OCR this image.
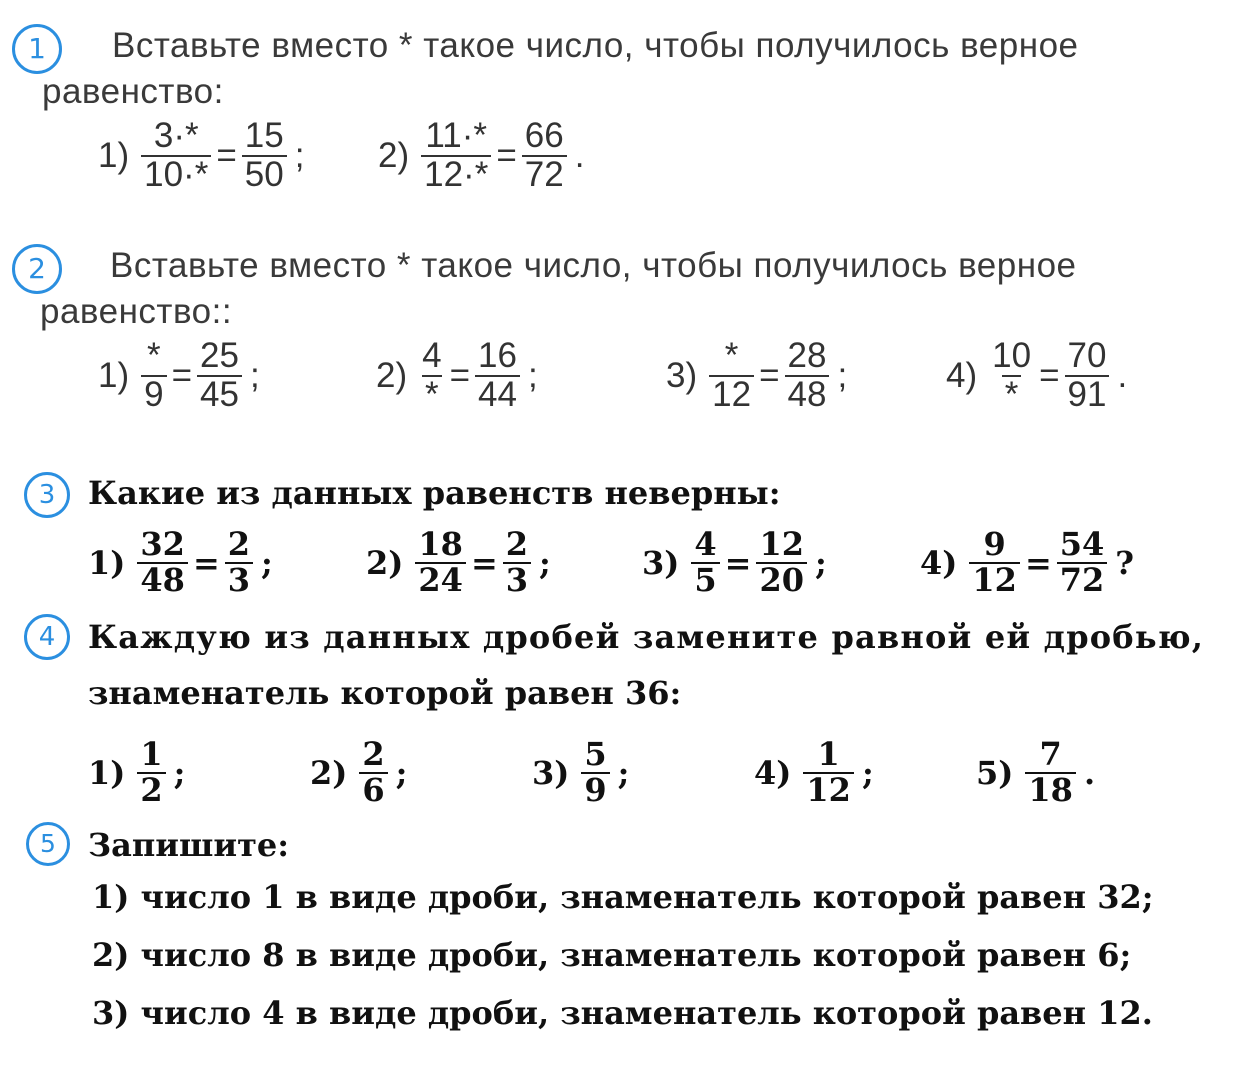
1	Вставьте вместо * такое число, чтобы получилось верное
равенство:
$1) \frac{3\cdot*}{10\cdot*} = \frac{15}{50}$ ; $2) \frac{11\cdot*}{12\cdot*} = \frac{66}{72}$ .
2	Вставьте вместо * такое число, чтобы получилось верное
равенство::
$1) \frac{*}{9} = \frac{25}{45}$ ;	$2) \frac{4}{*} = \frac{16}{44}$ ;	$3) \frac{*}{12} = \frac{28}{48}$ ;	$4) \frac{10}{*} = \frac{70}{91}$ .
3	Какие из данных равенств неверны:
$1) \frac{32}{48} = \frac{2}{3}$ ;	$2) \frac{18}{24} = \frac{2}{3}$ ;	$3) \frac{4}{5} = \frac{12}{20}$ ;	$4) \frac{9}{12} = \frac{54}{72}$ ?
4	Каждую из данных дробей замените равной ей дробью,
знаменатель которой равен 36:
$1) \frac{1}{2}$ ;	$2) \frac{2}{6}$ ;	$3) \frac{5}{9}$ ;	$4) \frac{1}{12}$ ;	$5) \frac{7}{18}$ .
5	Запишите:
1) число 1 в виде дроби, знаменатель которой равен 32;
2) число 8 в виде дроби, знаменатель которой равен 6;
3) число 4 в виде дроби, знаменатель которой равен 12.
